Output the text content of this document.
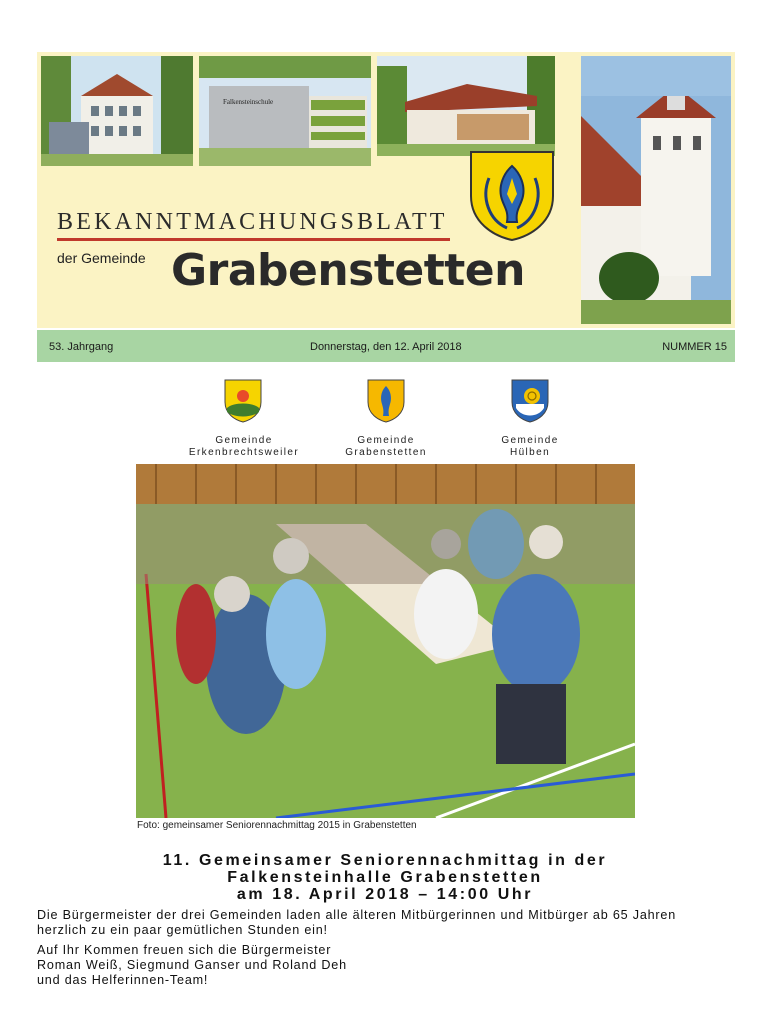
Falkensteinschule
BEKANNTMACHUNGSBLATT
der Gemeinde Grabenstetten
53. Jahrgang	Donnerstag, den 12. April 2018	NUMMER 15
Gemeinde
Erkenbrechtsweiler
Gemeinde
Grabenstetten
Gemeinde
Hülben
Foto: gemeinsamer Seniorennachmittag 2015 in Grabenstetten
11. Gemeinsamer Seniorennachmittag in der
Falkensteinhalle Grabenstetten
am 18. April 2018 – 14:00 Uhr
Die Bürgermeister der drei Gemeinden laden alle älteren Mitbürgerinnen und Mitbürger ab 65 Jahren
herzlich zu ein paar gemütlichen Stunden ein!
Auf Ihr Kommen freuen sich die Bürgermeister
Roman Weiß, Siegmund Ganser und Roland Deh
und das Helferinnen-Team!
